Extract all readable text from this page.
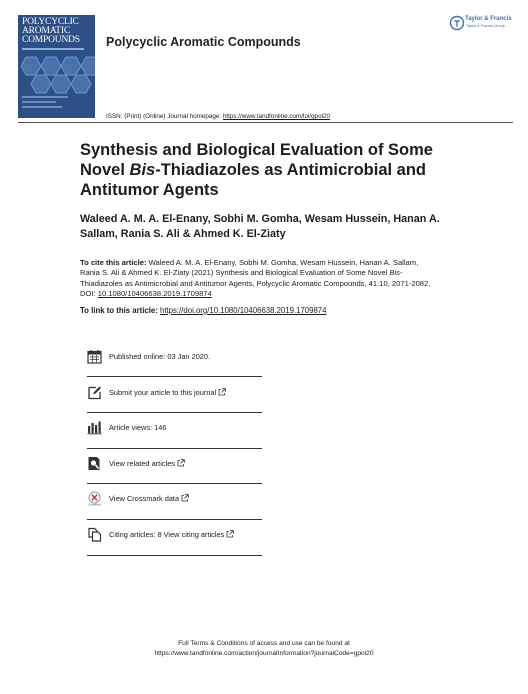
POLYCYCLIC
AROMATIC
COMPOUNDS Polycyclic Aromatic Compounds
Taylor & Francis
Taylor & Francis Group
ISSN: (Print) (Online) Journal homepage: https://www.tandfonline.com/loi/gpol20
Synthesis and Biological Evaluation of Some Novel Bis-Thiadiazoles as Antimicrobial and Antitumor Agents
Waleed A. M. A. El-Enany, Sobhi M. Gomha, Wesam Hussein, Hanan A. Sallam, Rania S. Ali & Ahmed K. El-Ziaty
To cite this article: Waleed A. M. A. El-Enany, Sobhi M. Gomha, Wesam Hussein, Hanan A. Sallam, Rania S. Ali & Ahmed K. El-Ziaty (2021) Synthesis and Biological Evaluation of Some Novel Bis-Thiadiazoles as Antimicrobial and Antitumor Agents, Polycyclic Aromatic Compounds, 41:10, 2071-2082, DOI: 10.1080/10406638.2019.1709874
To link to this article: https://doi.org/10.1080/10406638.2019.1709874
Published online: 03 Jan 2020.
Submit your article to this journal
Article views: 146
View related articles
CrossMark
View Crossmark data
Citing articles: 8 View citing articles
Full Terms & Conditions of access and use can be found at
https://www.tandfonline.com/action/journalInformation?journalCode=gpol20
